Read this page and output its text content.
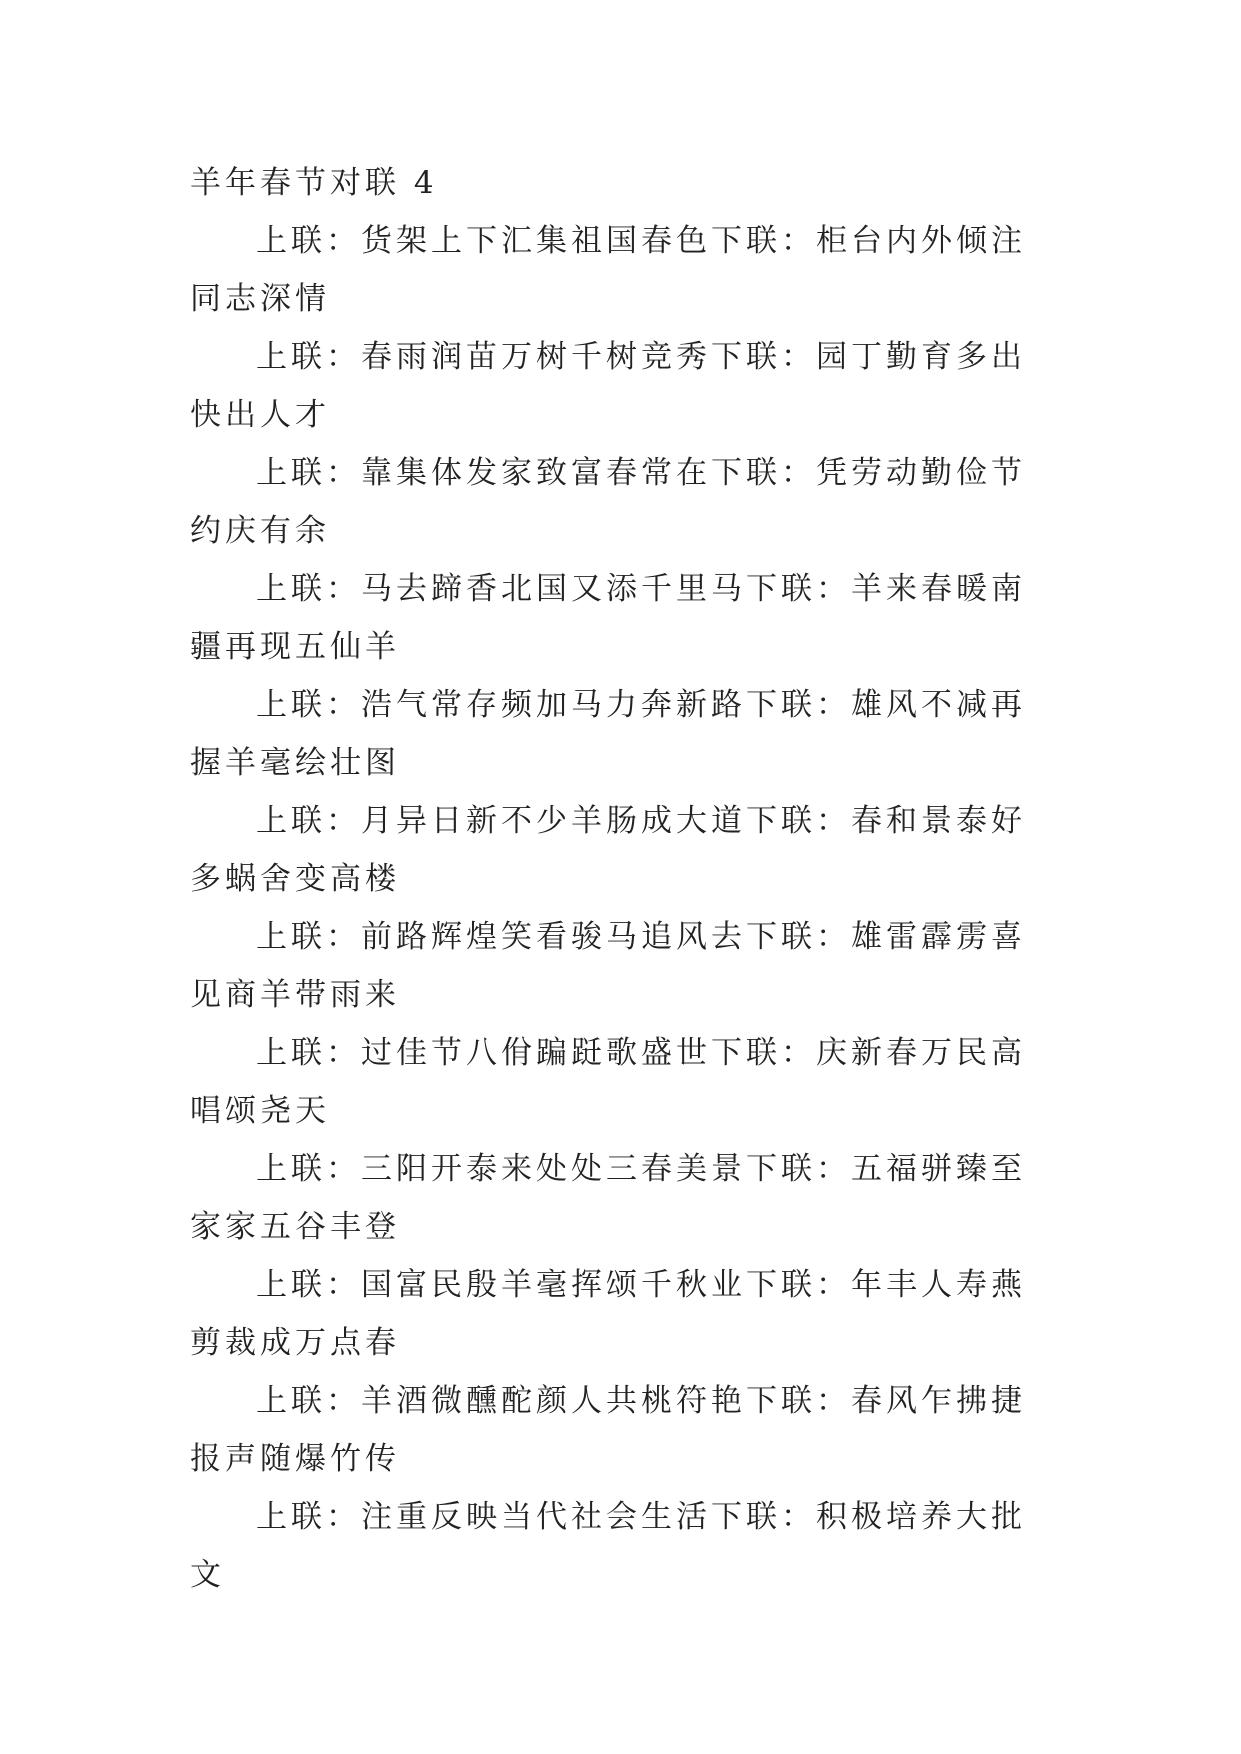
羊年春节对联 4

上联：货架上下汇集祖国春色下联：柜台内外倾注同志深情

上联：春雨润苗万树千树竞秀下联：园丁勤育多出快出人才

上联：靠集体发家致富春常在下联：凭劳动勤俭节约庆有余

上联：马去蹄香北国又添千里马下联：羊来春暖南疆再现五仙羊

上联：浩气常存频加马力奔新路下联：雄风不减再握羊毫绘壮图

上联：月异日新不少羊肠成大道下联：春和景泰好多蜗舍变高楼

上联：前路辉煌笑看骏马追风去下联：雄雷霹雳喜见商羊带雨来

上联：过佳节八佾蹁跹歌盛世下联：庆新春万民高唱颂尧天

上联：三阳开泰来处处三春美景下联：五福骈臻至家家五谷丰登

上联：国富民殷羊毫挥颂千秋业下联：年丰人寿燕剪裁成万点春

上联：羊酒微醺酡颜人共桃符艳下联：春风乍拂捷报声随爆竹传

上联：注重反映当代社会生活下联：积极培养大批文
